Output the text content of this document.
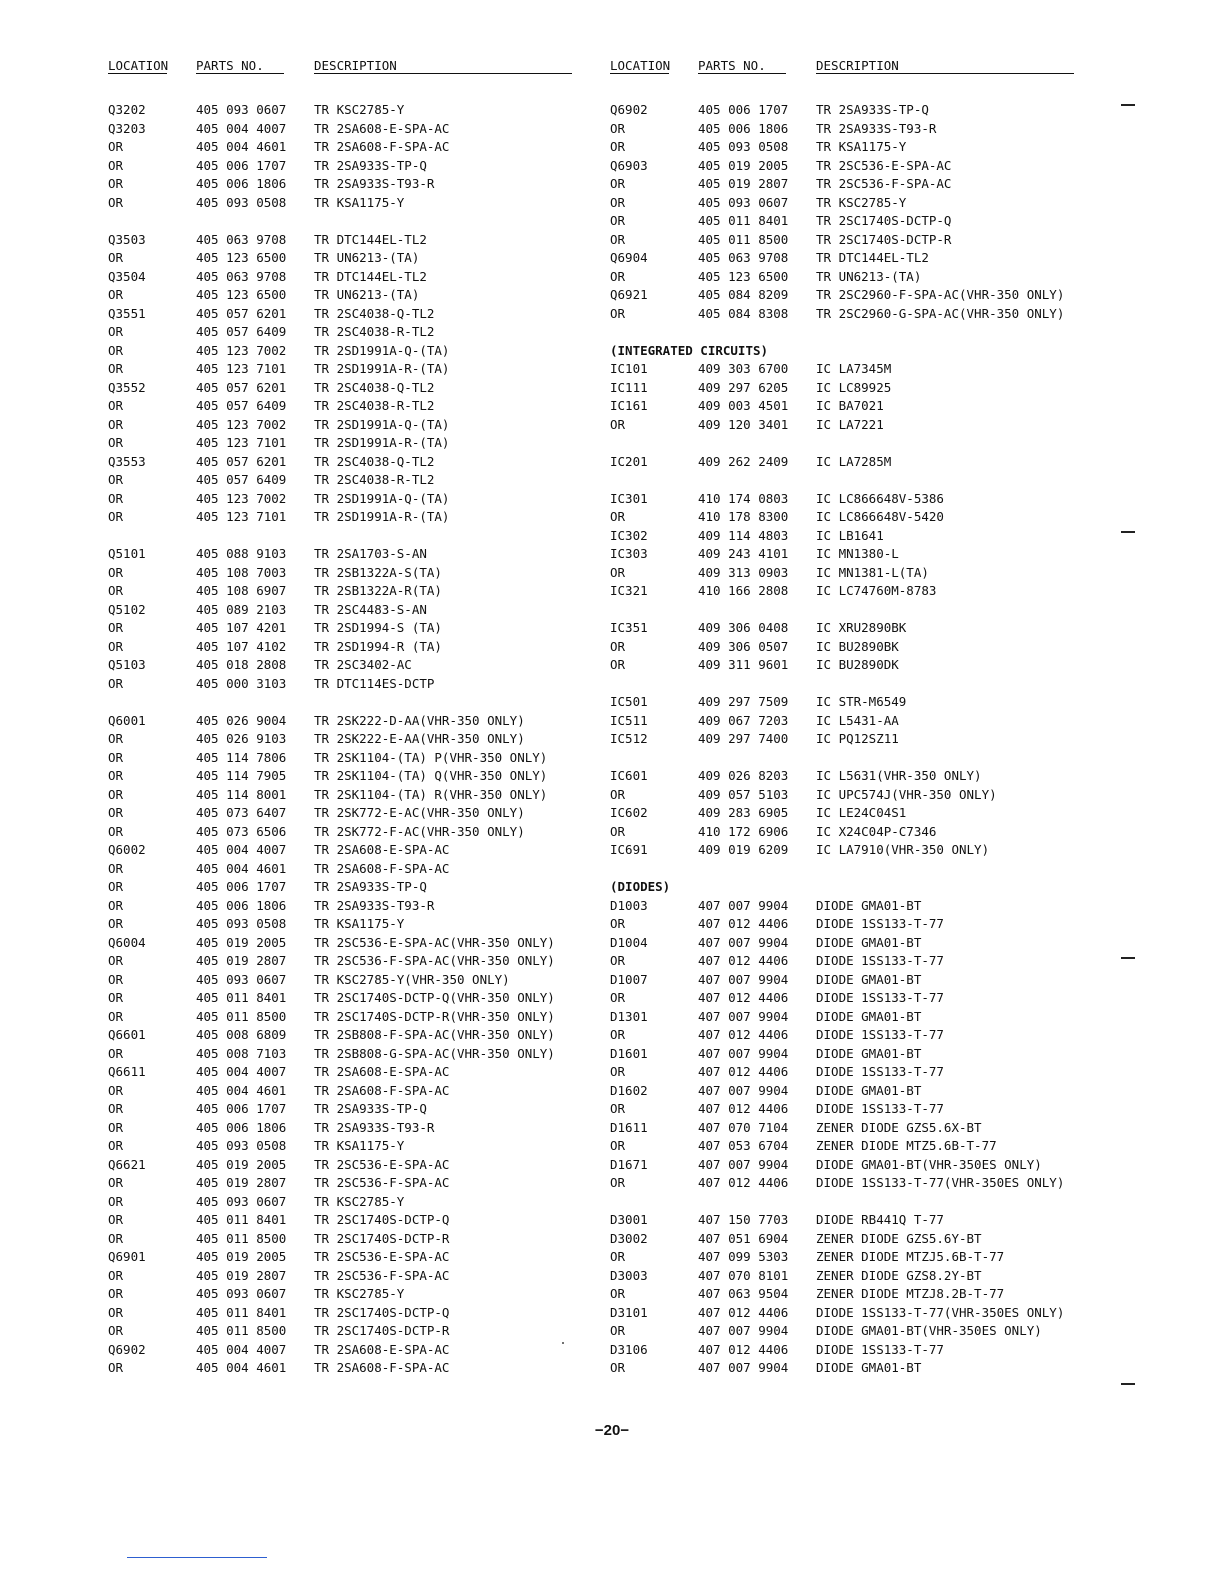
LOCATION PARTS NO.	DESCRIPTION
Q3202	405 093 0607 TR KSC2785-Y
Q3203	405 004 4007 TR 2SA608-E-SPA-AC
OR	405 004 4601 TR 2SA608-F-SPA-AC
OR	405 006 1707 TR 2SA933S-TP-Q
OR	405 006 1806 TR 2SA933S-T93-R
OR	405 093 0508 TR KSA1175-Y
Q3503	405 063 9708 TR DTC144EL-TL2
OR	405 123 6500 TR UN6213-(TA)
Q3504	405 063 9708 TR DTC144EL-TL2
OR	405 123 6500 TR UN6213-(TA)
Q3551	405 057 6201 TR 2SC4038-Q-TL2
OR	405 057 6409 TR 2SC4038-R-TL2
OR	405 123 7002 TR 2SD1991A-Q-(TA)
OR	405 123 7101 TR 2SD1991A-R-(TA)
Q3552	405 057 6201 TR 2SC4038-Q-TL2
OR	405 057 6409 TR 2SC4038-R-TL2
OR	405 123 7002 TR 2SD1991A-Q-(TA)
OR	405 123 7101 TR 2SD1991A-R-(TA)
Q3553	405 057 6201 TR 2SC4038-Q-TL2
OR	405 057 6409 TR 2SC4038-R-TL2
OR	405 123 7002 TR 2SD1991A-Q-(TA)
OR	405 123 7101 TR 2SD1991A-R-(TA)
Q5101	405 088 9103 TR 2SA1703-S-AN
OR	405 108 7003 TR 2SB1322A-S(TA)
OR	405 108 6907 TR 2SB1322A-R(TA)
Q5102	405 089 2103 TR 2SC4483-S-AN
OR	405 107 4201 TR 2SD1994-S (TA)
OR	405 107 4102 TR 2SD1994-R (TA)
Q5103	405 018 2808 TR 2SC3402-AC
OR	405 000 3103 TR DTC114ES-DCTP
Q6001	405 026 9004 TR 2SK222-D-AA(VHR-350 ONLY)
OR	405 026 9103 TR 2SK222-E-AA(VHR-350 ONLY)
OR	405 114 7806 TR 2SK1104-(TA) P(VHR-350 ONLY)
OR	405 114 7905 TR 2SK1104-(TA) Q(VHR-350 ONLY)
OR	405 114 8001 TR 2SK1104-(TA) R(VHR-350 ONLY)
OR	405 073 6407 TR 2SK772-E-AC(VHR-350 ONLY)
OR	405 073 6506 TR 2SK772-F-AC(VHR-350 ONLY)
Q6002	405 004 4007 TR 2SA608-E-SPA-AC
OR	405 004 4601 TR 2SA608-F-SPA-AC
OR	405 006 1707 TR 2SA933S-TP-Q
OR	405 006 1806 TR 2SA933S-T93-R
OR	405 093 0508 TR KSA1175-Y
Q6004	405 019 2005 TR 2SC536-E-SPA-AC(VHR-350 ONLY)
OR	405 019 2807 TR 2SC536-F-SPA-AC(VHR-350 ONLY)
OR	405 093 0607 TR KSC2785-Y(VHR-350 ONLY)
OR	405 011 8401 TR 2SC1740S-DCTP-Q(VHR-350 ONLY)
OR	405 011 8500 TR 2SC1740S-DCTP-R(VHR-350 ONLY)
Q6601	405 008 6809 TR 2SB808-F-SPA-AC(VHR-350 ONLY)
OR	405 008 7103 TR 2SB808-G-SPA-AC(VHR-350 ONLY)
Q6611	405 004 4007 TR 2SA608-E-SPA-AC
OR	405 004 4601 TR 2SA608-F-SPA-AC
OR	405 006 1707 TR 2SA933S-TP-Q
OR	405 006 1806 TR 2SA933S-T93-R
OR	405 093 0508 TR KSA1175-Y
Q6621	405 019 2005 TR 2SC536-E-SPA-AC
OR	405 019 2807 TR 2SC536-F-SPA-AC
OR	405 093 0607 TR KSC2785-Y
OR	405 011 8401 TR 2SC1740S-DCTP-Q
OR	405 011 8500 TR 2SC1740S-DCTP-R
Q6901	405 019 2005 TR 2SC536-E-SPA-AC
OR	405 019 2807 TR 2SC536-F-SPA-AC
OR	405 093 0607 TR KSC2785-Y
OR	405 011 8401 TR 2SC1740S-DCTP-Q
OR	405 011 8500 TR 2SC1740S-DCTP-R
Q6902	405 004 4007 TR 2SA608-E-SPA-AC
OR	405 004 4601 TR 2SA608-F-SPA-AC
LOCATION PARTS NO.	DESCRIPTION
Q6902	405 006 1707 TR 2SA933S-TP-Q
OR	405 006 1806 TR 2SA933S-T93-R
OR	405 093 0508 TR KSA1175-Y
Q6903	405 019 2005 TR 2SC536-E-SPA-AC
OR	405 019 2807 TR 2SC536-F-SPA-AC
OR	405 093 0607 TR KSC2785-Y
OR	405 011 8401 TR 2SC1740S-DCTP-Q
OR	405 011 8500 TR 2SC1740S-DCTP-R
Q6904	405 063 9708 TR DTC144EL-TL2
OR	405 123 6500 TR UN6213-(TA)
Q6921	405 084 8209 TR 2SC2960-F-SPA-AC(VHR-350 ONLY)
OR	405 084 8308 TR 2SC2960-G-SPA-AC(VHR-350 ONLY)
(INTEGRATED CIRCUITS)
IC101	409 303 6700 IC LA7345M
IC111	409 297 6205 IC LC89925
IC161	409 003 4501 IC BA7021
OR	409 120 3401 IC LA7221
IC201	409 262 2409 IC LA7285M
IC301	410 174 0803 IC LC866648V-5386
OR	410 178 8300 IC LC866648V-5420
IC302	409 114 4803 IC LB1641
IC303	409 243 4101 IC MN1380-L
OR	409 313 0903 IC MN1381-L(TA)
IC321	410 166 2808 IC LC74760M-8783
IC351	409 306 0408 IC XRU2890BK
OR	409 306 0507 IC BU2890BK
OR	409 311 9601 IC BU2890DK
IC501	409 297 7509 IC STR-M6549
IC511	409 067 7203 IC L5431-AA
IC512	409 297 7400 IC PQ12SZ11
IC601	409 026 8203 IC L5631(VHR-350 ONLY)
OR	409 057 5103 IC UPC574J(VHR-350 ONLY)
IC602	409 283 6905 IC LE24C04S1
OR	410 172 6906 IC X24C04P-C7346
IC691	409 019 6209 IC LA7910(VHR-350 ONLY)
(DIODES)
D1003	407 007 9904 DIODE GMA01-BT
OR	407 012 4406 DIODE 1SS133-T-77
D1004	407 007 9904 DIODE GMA01-BT
OR	407 012 4406 DIODE 1SS133-T-77
D1007	407 007 9904 DIODE GMA01-BT
OR	407 012 4406 DIODE 1SS133-T-77
D1301	407 007 9904 DIODE GMA01-BT
OR	407 012 4406 DIODE 1SS133-T-77
D1601	407 007 9904 DIODE GMA01-BT
OR	407 012 4406 DIODE 1SS133-T-77
D1602	407 007 9904 DIODE GMA01-BT
OR	407 012 4406 DIODE 1SS133-T-77
D1611	407 070 7104 ZENER DIODE GZS5.6X-BT
OR	407 053 6704 ZENER DIODE MTZ5.6B-T-77
D1671	407 007 9904 DIODE GMA01-BT(VHR-350ES ONLY)
OR	407 012 4406 DIODE 1SS133-T-77(VHR-350ES ONLY)
D3001	407 150 7703 DIODE RB441Q T-77
D3002	407 051 6904 ZENER DIODE GZS5.6Y-BT
OR	407 099 5303 ZENER DIODE MTZJ5.6B-T-77
D3003	407 070 8101 ZENER DIODE GZS8.2Y-BT
OR	407 063 9504 ZENER DIODE MTZJ8.2B-T-77
D3101	407 012 4406 DIODE 1SS133-T-77(VHR-350ES ONLY)
OR	407 007 9904 DIODE GMA01-BT(VHR-350ES ONLY)
D3106	407 012 4406 DIODE 1SS133-T-77
OR	407 007 9904 DIODE GMA01-BT
−20−
